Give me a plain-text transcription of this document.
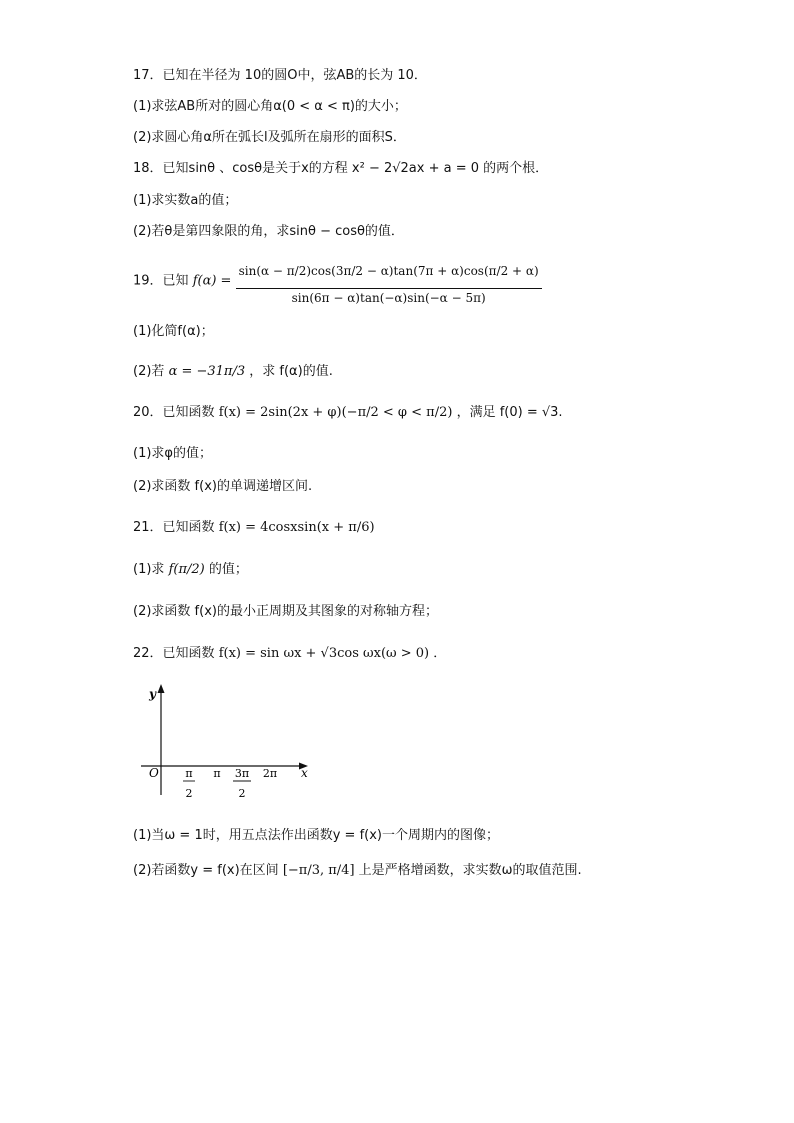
17．已知在半径为 10的圆O中，弦AB的长为 10．
(1)求弦AB所对的圆心角α(0 < α < π)的大小；
(2)求圆心角α所在弧长l及弧所在扇形的面积S．
18．已知sinθ 、cosθ是关于x的方程 x² − 2√2ax + a = 0 的两个根．
(1)求实数a的值；
(2)若θ是第四象限的角，求sinθ − cosθ的值．
19．已知 $f(\alpha) = \frac{\sin(\alpha - \pi/2)\cos(3\pi/2 - \alpha)\tan(7\pi + \alpha)\cos(\pi/2 + \alpha)}{\sin(6\pi - \alpha)\tan(-\alpha)\sin(-\alpha - 5\pi)}$
(1)化简f(α)；
(2)若 α = −31π/3 ，求 f(α)的值.
20．已知函数 f(x) = 2sin(2x + φ)(−π/2 < φ < π/2) ，满足 f(0) = √3.
(1)求φ的值；
(2)求函数 f(x)的单调递增区间.
21．已知函数 f(x) = 4cosxsin(x + π/6)
(1)求 f(π/2) 的值；
(2)求函数 f(x)的最小正周期及其图象的对称轴方程；
22．已知函数 f(x) = sin ωx + √3cos ωx(ω > 0) ．
y
x
O π
2
π 3π
2
2π
(1)当ω = 1时，用五点法作出函数y = f(x)一个周期内的图像；
(2)若函数y = f(x)在区间 [−π/3, π/4] 上是严格增函数，求实数ω的取值范围.
